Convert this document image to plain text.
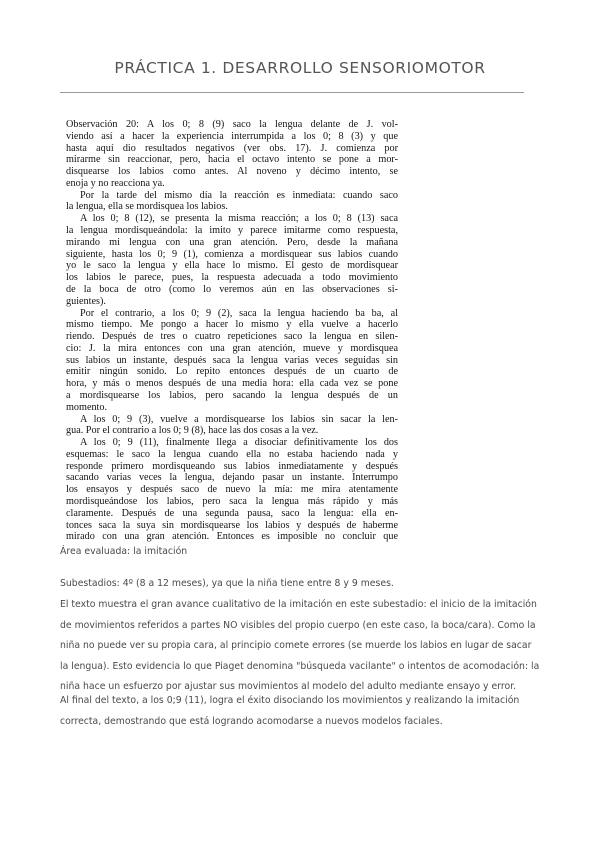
PRÁCTICA 1. DESARROLLO SENSORIOMOTOR
Observación 20: A los 0; 8 (9) saco la lengua delante de J. vol-
viendo así a hacer la experiencia interrumpida a los 0; 8 (3) y que
hasta aquí dio resultados negativos (ver obs. 17). J. comienza por
mirarme sin reaccionar, pero, hacia el octavo intento se pone a mor-
disquearse los labios como antes. Al noveno y décimo intento, se
enoja y no reacciona ya.
Por la tarde del mismo día la reacción es inmediata: cuando saco
la lengua, ella se mordisquea los labios.
A los 0; 8 (12), se presenta la misma reacción; a los 0; 8 (13) saca
la lengua mordisqueándola: la imito y parece imitarme como respuesta,
mirando mi lengua con una gran atención. Pero, desde la mañana
siguiente, hasta los 0; 9 (1), comienza a mordisquear sus labios cuando
yo le saco la lengua y ella hace lo mismo. El gesto de mordisquear
los labios le parece, pues, la respuesta adecuada a todo movimiento
de la boca de otro (como lo veremos aún en las observaciones si-
guientes).
Por el contrario, a los 0; 9 (2), saca la lengua haciendo ba ba, al
mismo tiempo. Me pongo a hacer lo mismo y ella vuelve a hacerlo
riendo. Después de tres o cuatro repeticiones saco la lengua en silen-
cio: J. la mira entonces con una gran atención, mueve y mordisquea
sus labios un instante, después saca la lengua varias veces seguidas sin
emitir ningún sonido. Lo repito entonces después de un cuarto de
hora, y más o menos después de una media hora: ella cada vez se pone
a mordisquearse los labios, pero sacando la lengua después de un
momento.
A los 0; 9 (3), vuelve a mordisquearse los labios sin sacar la len-
gua. Por el contrario a los 0; 9 (8), hace las dos cosas a la vez.
A los 0; 9 (11), finalmente llega a disociar definitivamente los dos
esquemas: le saco la lengua cuando ella no estaba haciendo nada y
responde primero mordisqueando sus labios inmediatamente y después
sacando varias veces la lengua, dejando pasar un instante. Interrumpo
los ensayos y después saco de nuevo la mía: me mira atentamente
mordisqueándose los labios, pero saca la lengua más rápido y más
claramente. Después de una segunda pausa, saco la lengua: ella en-
tonces saca la suya sin mordisquearse los labios y después de haberme
mirado con una gran atención. Entonces es imposible no concluir que
Área evaluada: la imitación
Subestadios: 4º (8 a 12 meses), ya que la niña tiene entre 8 y 9 meses.
El texto muestra el gran avance cualitativo de la imitación en este subestadio: el inicio de la imitación de movimientos referidos a partes NO visibles del propio cuerpo (en este caso, la boca/cara). Como la niña no puede ver su propia cara, al principio comete errores (se muerde los labios en lugar de sacar la lengua). Esto evidencia lo que Piaget denomina "búsqueda vacilante" o intentos de acomodación: la niña hace un esfuerzo por ajustar sus movimientos al modelo del adulto mediante ensayo y error.
Al final del texto, a los 0;9 (11), logra el éxito disociando los movimientos y realizando la imitación correcta, demostrando que está logrando acomodarse a nuevos modelos faciales.
